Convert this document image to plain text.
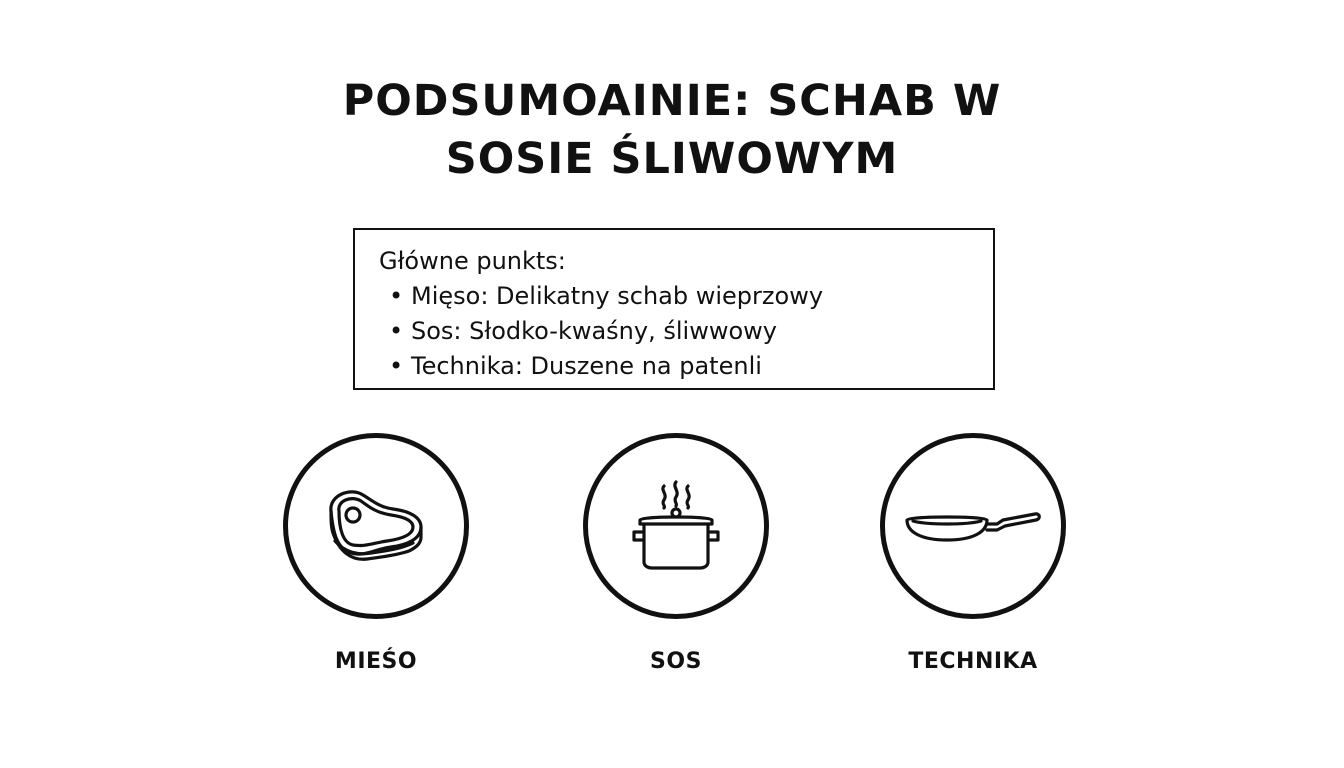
PODSUMOAINIE: SCHAB W
SOSIE ŚLIWOWYM
Główne punkts:
• Mięso: Delikatny schab wieprzowy
• Sos: Słodko-kwaśny, śliwwowy
• Technika: Duszene na patenli
MIEŚO	SOS	TECHNIKA
